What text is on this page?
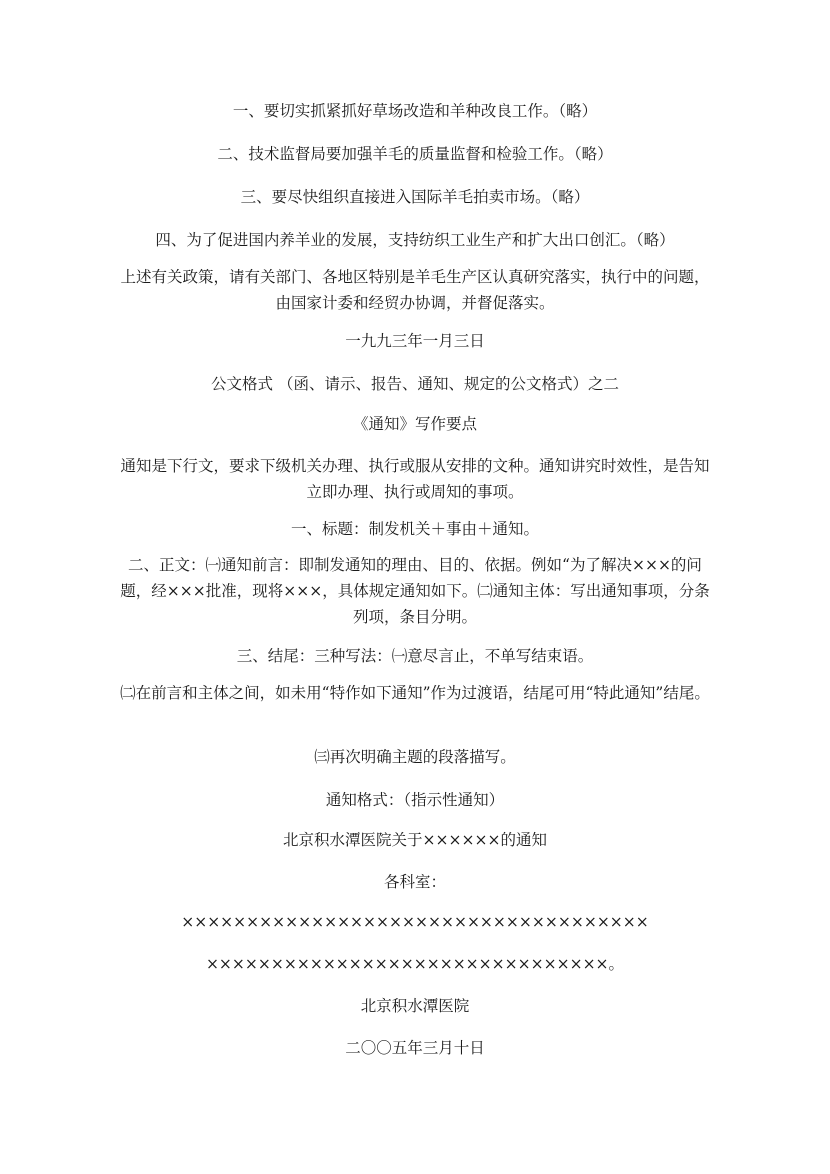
一、要切实抓紧抓好草场改造和羊种改良工作。（略）
二、技术监督局要加强羊毛的质量监督和检验工作。（略）
三、要尽快组织直接进入国际羊毛拍卖市场。（略）
四、为了促进国内养羊业的发展，支持纺织工业生产和扩大出口创汇。（略）
上述有关政策，请有关部门、各地区特别是羊毛生产区认真研究落实，执行中的问题，由国家计委和经贸办协调，并督促落实。
一九九三年一月三日
公文格式 （函、请示、报告、通知、规定的公文格式）之二
《通知》写作要点
通知是下行文，要求下级机关办理、执行或服从安排的文种。通知讲究时效性，是告知立即办理、执行或周知的事项。
一、标题：制发机关＋事由＋通知。
二、正文：㈠通知前言：即制发通知的理由、目的、依据。例如“为了解决×××的问题，经×××批准，现将×××，具体规定通知如下。㈡通知主体：写出通知事项，分条列项，条目分明。
三、结尾：三种写法：㈠意尽言止，不单写结束语。
㈡在前言和主体之间，如未用“特作如下通知”作为过渡语，结尾可用“特此通知”结尾。
㈢再次明确主题的段落描写。
通知格式：（指示性通知）
北京积水潭医院关于××××××的通知
各科室：
××××××××××××××××××××××××××××××××××××
×××××××××××××××××××××××××××××××。
北京积水潭医院
二〇〇五年三月十日
